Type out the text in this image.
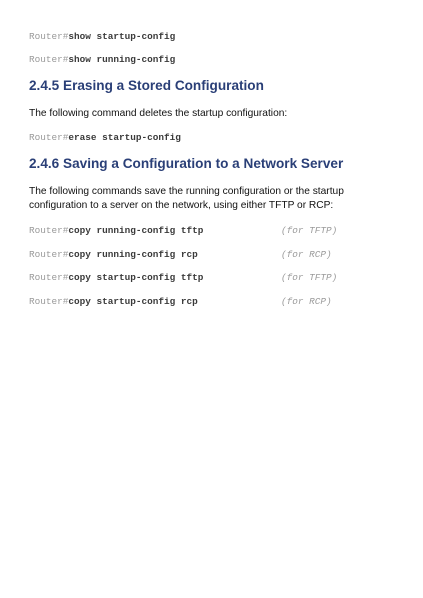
Router#show startup-config
Router#show running-config
2.4.5 Erasing a Stored Configuration

The following command deletes the startup configuration:

Router#erase startup-config
2.4.6 Saving a Configuration to a Network Server

The following commands save the running configuration or the startup configuration to a server on the network, using either TFTP or RCP:

Router#copy running-config tftp	(for TFTP)
Router#copy running-config rcp	(for RCP)
Router#copy startup-config tftp	(for TFTP)
Router#copy startup-config rcp	(for RCP)
